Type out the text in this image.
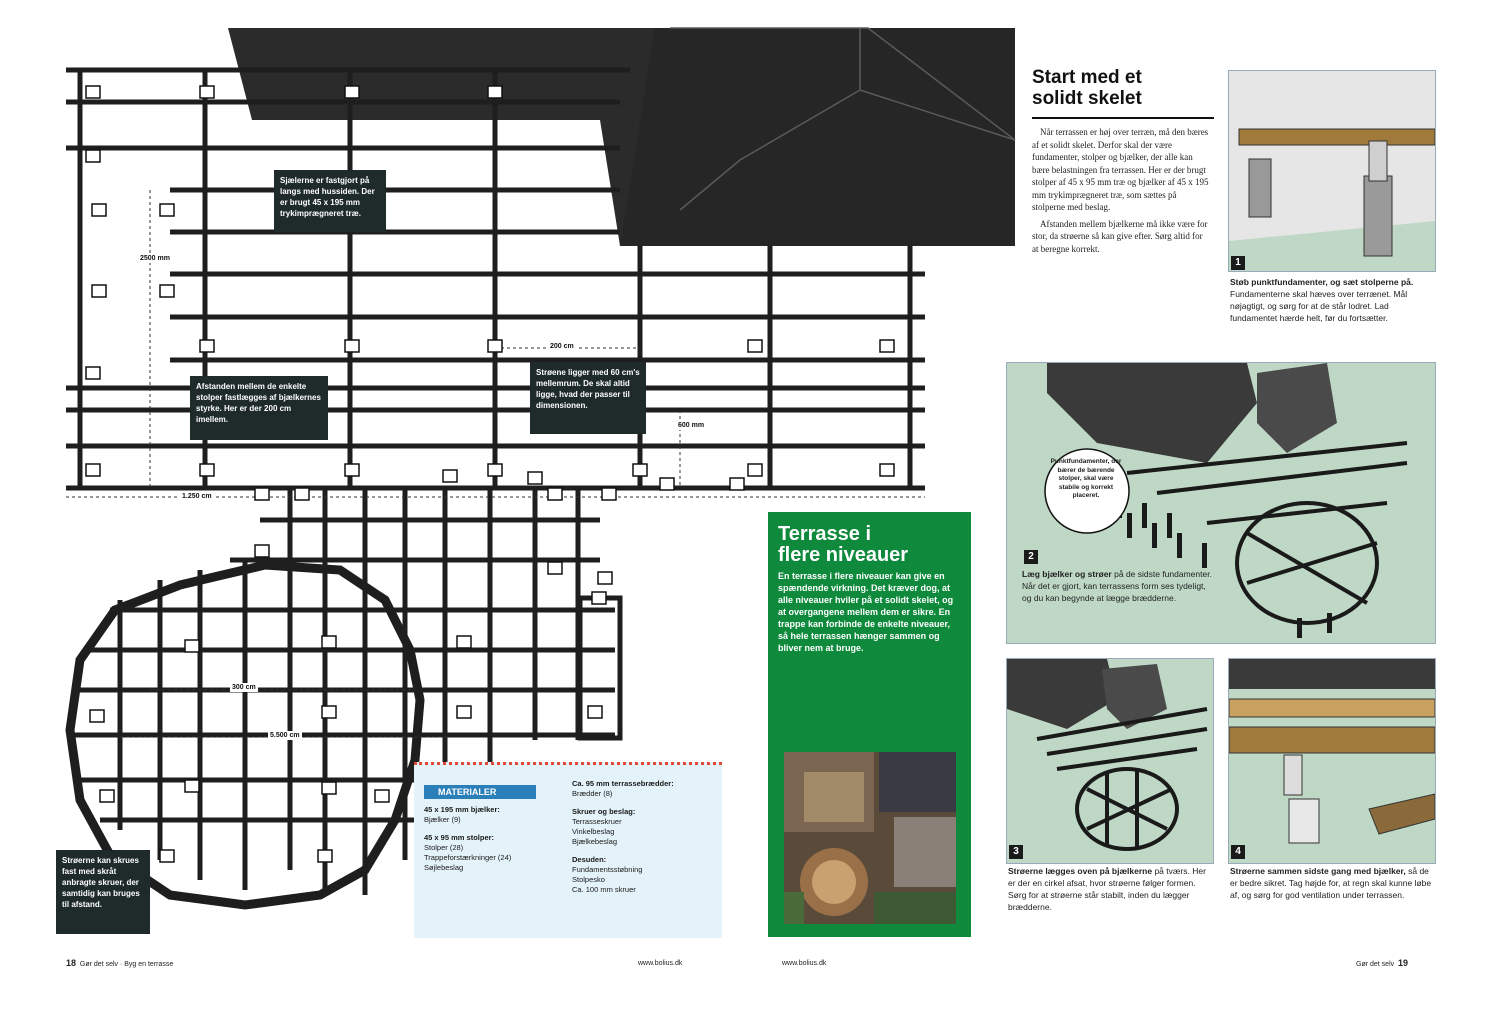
Sjælerne er fastgjort på langs med hussiden. Der er brugt 45 x 195 mm trykimprægneret træ.
Afstanden mellem de enkelte stolper fastlægges af bjælkernes styrke. Her er der 200 cm imellem.
Strøene ligger med 60 cm's mellemrum. De skal altid ligge, hvad der passer til dimensionen.
Strøerne kan skrues fast med skråt anbragte skruer, der samtidig kan bruges til afstand.
2500 mm
200 cm
600 mm
1.250 cm
300 cm
5.500 cm
MATERIALER
45 x 195 mm bjælker:
Bjælker (9)
45 x 95 mm stolper:
Stolper (28)
Trappeforstærkninger (24)
Søjlebeslag
Ca. 95 mm terrassebrædder:
Brædder (8)
Skruer og beslag:
Terrasseskruer
Vinkelbeslag
Bjælkebeslag
Desuden:
Fundamentsstøbning
Stolpesko
Ca. 100 mm skruer
Terrasse i
flere niveauer

En terrasse i flere niveauer kan give en spændende virkning. Det kræver dog, at alle niveauer hviler på et solidt skelet, og at overgangene mellem dem er sikre. En trappe kan forbinde de enkelte niveauer, så hele terrassen hænger sammen og bliver nem at bruge.

Start med et
solidt skelet

Når terrassen er høj over terræn, må den bæres af et solidt skelet. Derfor skal der være fundamenter, stolper og bjælker, der alle kan bære belastningen fra terrassen. Her er der brugt stolper af 45 x 95 mm træ og bjælker af 45 x 195 mm trykimprægneret træ, som sættes på stolperne med beslag.

Afstanden mellem bjælkerne må ikke være for stor, da strøerne så kan give efter. Sørg altid for at beregne korrekt.

1
Støb punktfundamenter, og sæt stolperne på. Fundamenterne skal hæves over terrænet. Mål nøjagtigt, og sørg for at de står lodret. Lad fundamentet hærde helt, før du fortsætter.
Punktfundamenter, der bærer de bærende stolper, skal være stabile og korrekt placeret.
2
Læg bjælker og strøer på de sidste fundamenter. Når det er gjort, kan terrassens form ses tydeligt, og du kan begynde at lægge brædderne.
3
Strøerne lægges oven på bjælkerne på tværs. Her er der en cirkel afsat, hvor strøerne følger formen. Sørg for at strøerne står stabilt, inden du lægger brædderne.
4
Strøerne sammen sidste gang med bjælker, så de er bedre sikret. Tag højde for, at regn skal kunne løbe af, og sørg for god ventilation under terrassen.
18 Gør det selv · Byg en terrasse	www.bolius.dk	www.bolius.dk	Gør det selv 19
